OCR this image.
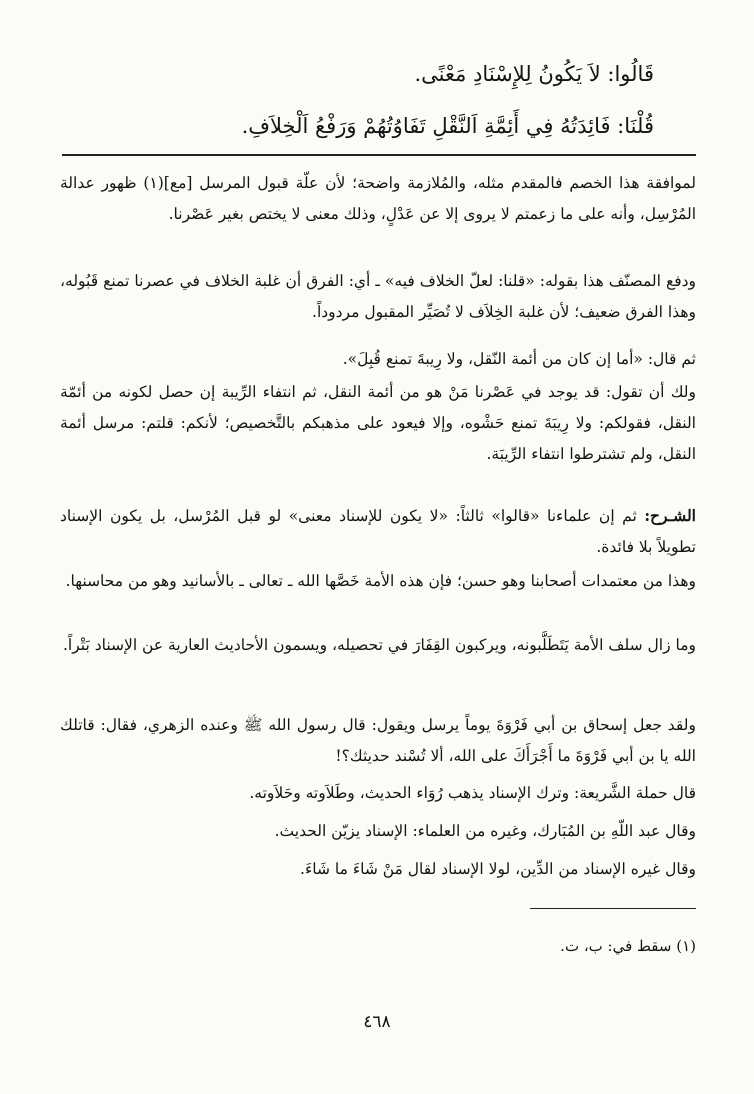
قَالُوا: لاَ يَكُونُ لِلإِسْنَادِ مَعْنًى.
قُلْنَا: فَائِدَتُهُ فِي أَئِمَّةِ اَلنَّقْلِ تَفَاوُتُهُمْ وَرَفْعُ اَلْخِلاَفِ.

لموافقة هذا الخصم فالمقدم مثله، والمُلازمة واضحة؛ لأن علّة قبول المرسل [مع](١) ظهور عدالة المُرْسِل، وأنه على ما زعمتم لا يروى إلا عن عَدْلٍ، وذلك معنى لا يختص بغير عَصْرنا.

ودفع المصنّف هذا بقوله: «قلنا: لعلّ الخلاف فيه» ـ أي: الفرق أن غلبة الخلاف في عصرنا تمنع قَبُوله، وهذا الفرق ضعيف؛ لأن غلبة الخِلاَف لا تُصَيِّر المقبول مردوداً.

ثم قال: «أما إن كان من أئمة النّقل، ولا رِيبةَ تمنع قُبِلَ».

ولك أن تقول: قد يوجد في عَصْرنا مَنْ هو من أئمة النقل، ثم انتفاء الرِّيبة إن حصل لكونه من أئمّة النقل، فقولكم: ولا رِيبَةَ تمنع حَشْوه، وإلا فيعود على مذهبكم بالتَّخصيص؛ لأنكم: قلتم: مرسل أئمة النقل، ولم تشترطوا انتفاء الرِّيبَة.

الشـرح: ثم إن علماءنا «قالوا» ثالثاً: «لا يكون للإسناد معنى» لو قبل المُرْسل، بل يكون الإسناد تطويلاً بلا فائدة.

وهذا من معتمدات أصحابنا وهو حسن؛ فإن هذه الأمة خَصَّها الله ـ تعالى ـ بالأسانيد وهو من محاسنها.

وما زال سلف الأمة يَتَطَلَّبونه، ويركبون القِفَارَ في تحصيله، ويسمون الأحاديث العارية عن الإسناد بَتْراً.

ولقد جعل إسحاق بن أبي فَرْوَةَ يوماً يرسل ويقول: قال رسول الله ﷺ وعنده الزهري، فقال: قاتلك الله يا بن أبي فَرْوَةَ ما أَجْرَأَكَ على الله، ألا تُسْند حديثك؟!

قال حملة الشَّريعة: وترك الإسناد يذهب رُوَاء الحديث، وطَلاَوته وحَلاَوته.

وقال عبد اللّهِ بن المُبَارك، وغيره من العلماء: الإسناد يزيّن الحديث.

وقال غيره الإسناد من الدِّين، لولا الإسناد لقال مَنْ شَاءَ ما شَاءَ.

(١) سقط في: ب، ت.
٤٦٨
